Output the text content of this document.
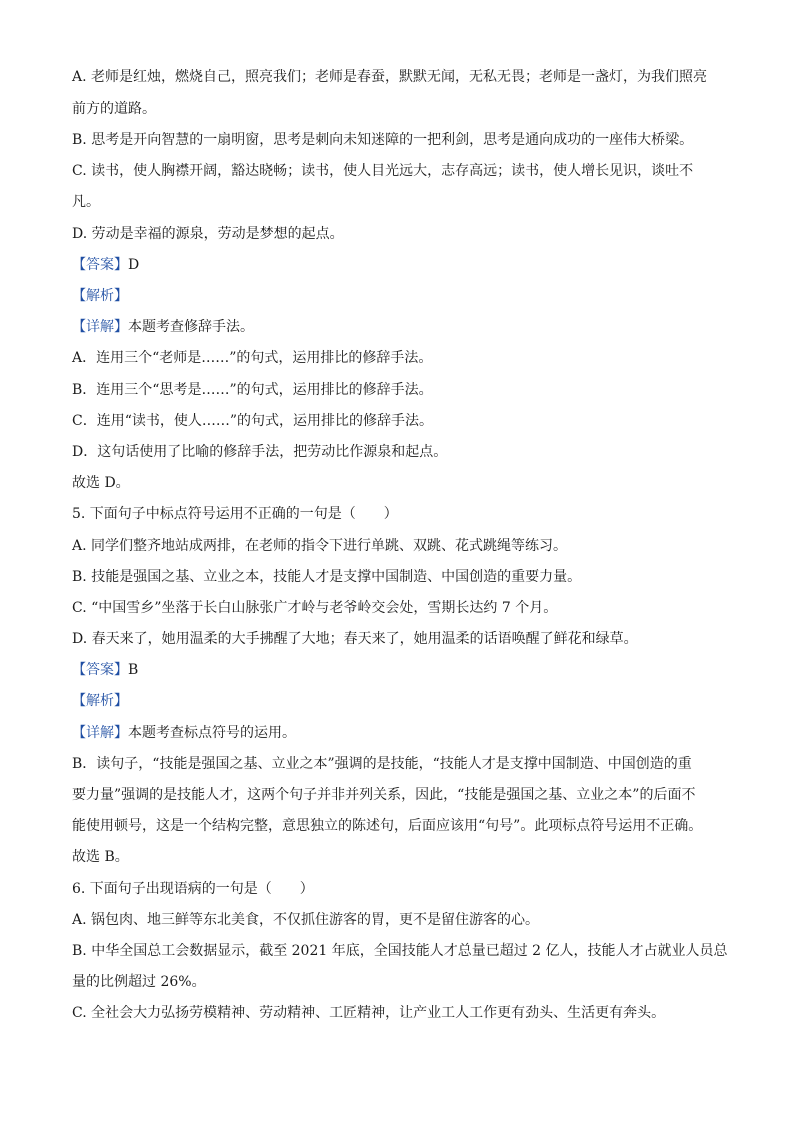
A. 老师是红烛，燃烧自己，照亮我们；老师是春蚕，默默无闻，无私无畏；老师是一盏灯，为我们照亮
前方的道路。
B. 思考是开向智慧的一扇明窗，思考是刺向未知迷障的一把利剑，思考是通向成功的一座伟大桥梁。
C. 读书，使人胸襟开阔，豁达晓畅；读书，使人目光远大，志存高远；读书，使人增长见识，谈吐不
凡。
D. 劳动是幸福的源泉，劳动是梦想的起点。
【 答案 】 D
【 解析 】
【 详解 】 本题考查修辞手法。
A．连用三个“老师是……”的句式，运用排比的修辞手法。
B．连用三个“思考是……”的句式，运用排比的修辞手法。
C．连用“读书，使人……”的句式，运用排比的修辞手法。
D．这句话使用了比喻的修辞手法，把劳动比作源泉和起点。
故选 D。
5. 下面句子中标点符号运用不正确的一句是（　　）
A. 同学们整齐地站成两排，在老师的指令下进行单跳、双跳、花式跳绳等练习。
B. 技能是强国之基、立业之本，技能人才是支撑中国制造、中国创造的重要力量。
C. “中国雪乡”坐落于长白山脉张广才岭与老爷岭交会处，雪期长达约 7 个月。
D. 春天来了，她用温柔的大手拂醒了大地；春天来了，她用温柔的话语唤醒了鲜花和绿草。
【 答案 】 B
【 解析 】
【 详解 】 本题考查标点符号的运用。
B．读句子，“技能是强国之基、立业之本”强调的是技能，“技能人才是支撑中国制造、中国创造的重
要力量”强调的是技能人才，这两个句子并非并列关系，因此，“技能是强国之基、立业之本”的后面不
能使用顿号，这是一个结构完整，意思独立的陈述句，后面应该用“句号”。此项标点符号运用不正确。
故选 B。
6. 下面句子出现语病的一句是（　　）
A. 锅包肉、地三鲜等东北美食，不仅抓住游客的胃，更不是留住游客的心。
B. 中华全国总工会数据显示，截至 2021 年底，全国技能人才总量已超过 2 亿人，技能人才占就业人员总
量的比例超过 26%。
C. 全社会大力弘扬劳模精神、劳动精神、工匠精神，让产业工人工作更有劲头、生活更有奔头。
